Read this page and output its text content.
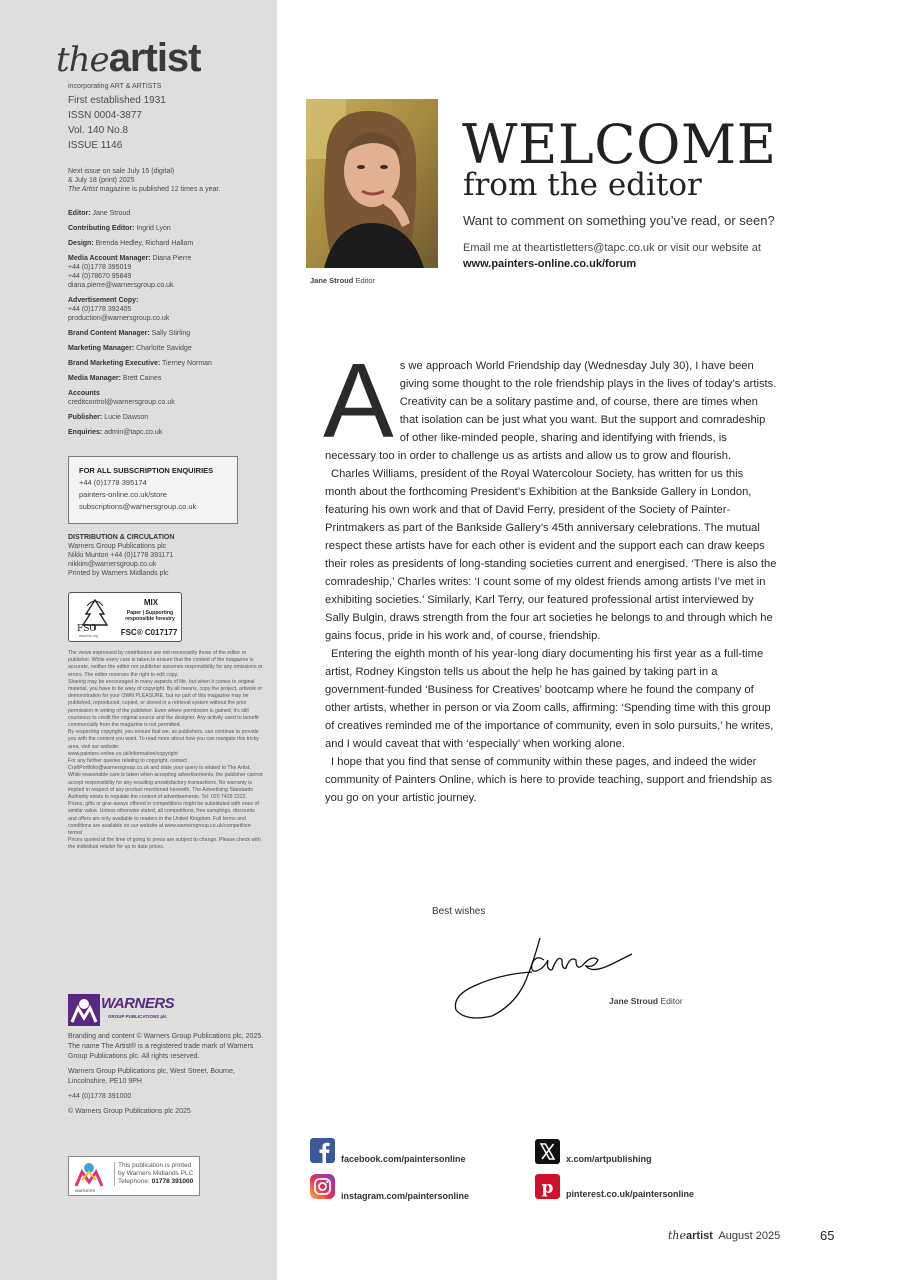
theartist
incorporating ART & ARTISTS
First established 1931
ISSN 0004-3877
Vol. 140 No.8
ISSUE 1146
Next issue on sale July 15 (digital)
& July 18 (print) 2025
The Artist magazine is published 12 times a year.
Editor: Jane Stroud
Contributing Editor: Ingrid Lyon
Design: Brenda Hedley, Richard Hallam
Media Account Manager: Diana Pierre
+44 (0)1778 395019
+44 (0)78670 95849
diana.pierre@warnersgroup.co.uk
Advertisement Copy:
+44 (0)1778 392405
production@warnersgroup.co.uk
Brand Content Manager: Sally Stirling
Marketing Manager: Charlotte Savidge
Brand Marketing Executive: Tierney Norman
Media Manager: Brett Caines
Accounts
creditcontrol@warnersgroup.co.uk
Publisher: Lucie Dawson
Enquiries: admin@tapc.co.uk
FOR ALL SUBSCRIPTION ENQUIRIES
+44 (0)1778 395174
painters-online.co.uk/store
subscriptions@warnersgroup.co.uk
DISTRIBUTION & CIRCULATION
Warners Group Publications plc
Nikki Munton +44 (0)1778 391171
nikkim@warnersgroup.co.uk
Printed by Warners Midlands plc
FSC
www.fsc.org
MIX
Paper | Supporting responsible forestry
FSC® C017177
The views expressed by contributors are not necessarily those of the editor or publisher. While every care is taken to ensure that the content of the magazine is accurate, neither the editor nor publisher assumes responsibility for any omissions or errors. The editor reserves the right to edit copy.
Sharing may be encouraged in many aspects of life, but when it comes to original material, you have to be wary of copyright. By all means, copy the project, artwork or demonstration for your OWN PLEASURE, but no part of this magazine may be published, reproduced, copied, or stored in a retrieval system without the prior permission in writing of the publisher. Even where permission is gained, it's still courteous to credit the original source and the designer. Any activity used to benefit commercially from the magazine is not permitted.
By respecting copyright, you ensure that we, as publishers, can continue to provide you with the content you want. To read more about how you can navigate this tricky area, visit our website:
www.painters-online.co.uk/information/copyright
For any further queries relating to copyright, contact CraftPortfolio@warnersgroup.co.uk and state your query is related to The Artist.
While reasonable care is taken when accepting advertisements, the publisher cannot accept responsibility for any resulting unsatisfactory transactions. No warranty is implied in respect of any product mentioned herewith. The Advertising Standards Authority exists to regulate the content of advertisements. Tel: 020 7429 2222.
Prizes, gifts or give-aways offered in competitions might be substituted with ones of similar value. Unless otherwise stated, all competitions, free samplings, discounts and offers are only available to readers in the United Kingdom. Full terms and conditions are available on our website at www.warnersgroup.co.uk/competition-terms/
Prices quoted at the time of going to press are subject to change. Please check with the individual retailer for up to date prices.
WARNERS
GROUP PUBLICATIONS plc
Branding and content © Warners Group Publications plc, 2025. The name The Artist® is a registered trade mark of Warners Group Publications plc. All rights reserved.
Warners Group Publications plc, West Street, Bourne, Lincolnshire. PE10 9PH
+44 (0)1778 391000
© Warners Group Publications plc 2025
WARNERS
This publication is printed
by Warners Midlands PLC
Telephone: 01778 391000
Jane Stroud Editor
WELCOME
from the editor
Want to comment on something you’ve read, or seen?
Email me at theartistletters@tapc.co.uk or visit our website at
www.painters-online.co.uk/forum

As we approach World Friendship day (Wednesday July 30), I have been giving some thought to the role friendship plays in the lives of today’s artists. Creativity can be a solitary pastime and, of course, there are times when that isolation can be just what you want. But the support and comradeship of other like-minded people, sharing and identifying with friends, is necessary too in order to challenge us as artists and allow us to grow and flourish.

Charles Williams, president of the Royal Watercolour Society, has written for us this month about the forthcoming President’s Exhibition at the Bankside Gallery in London, featuring his own work and that of David Ferry, president of the Society of Painter-Printmakers as part of the Bankside Gallery’s 45th anniversary celebrations. The mutual respect these artists have for each other is evident and the support each can draw keeps their roles as presidents of long-standing societies current and energised. ‘There is also the comradeship,’ Charles writes: ‘I count some of my oldest friends among artists I’ve met in exhibiting societies.’ Similarly, Karl Terry, our featured professional artist interviewed by Sally Bulgin, draws strength from the four art societies he belongs to and through which he gains focus, pride in his work and, of course, friendship.

Entering the eighth month of his year-long diary documenting his first year as a full-time artist, Rodney Kingston tells us about the help he has gained by taking part in a government-funded ‘Business for Creatives’ bootcamp where he found the company of other artists, whether in person or via Zoom calls, affirming: ‘Spending time with this group of creatives reminded me of the importance of community, even in solo pursuits,’ he writes, and I would caveat that with ‘especially’ when working alone.

I hope that you find that sense of community within these pages, and indeed the wider community of Painters Online, which is here to provide teaching, support and friendship as you go on your artistic journey.

Best wishes
Jane Stroud Editor
facebook.com/paintersonline	x.com/artpublishing
instagram.com/paintersonline	p pinterest.co.uk/paintersonline
theartist August 2025	65
